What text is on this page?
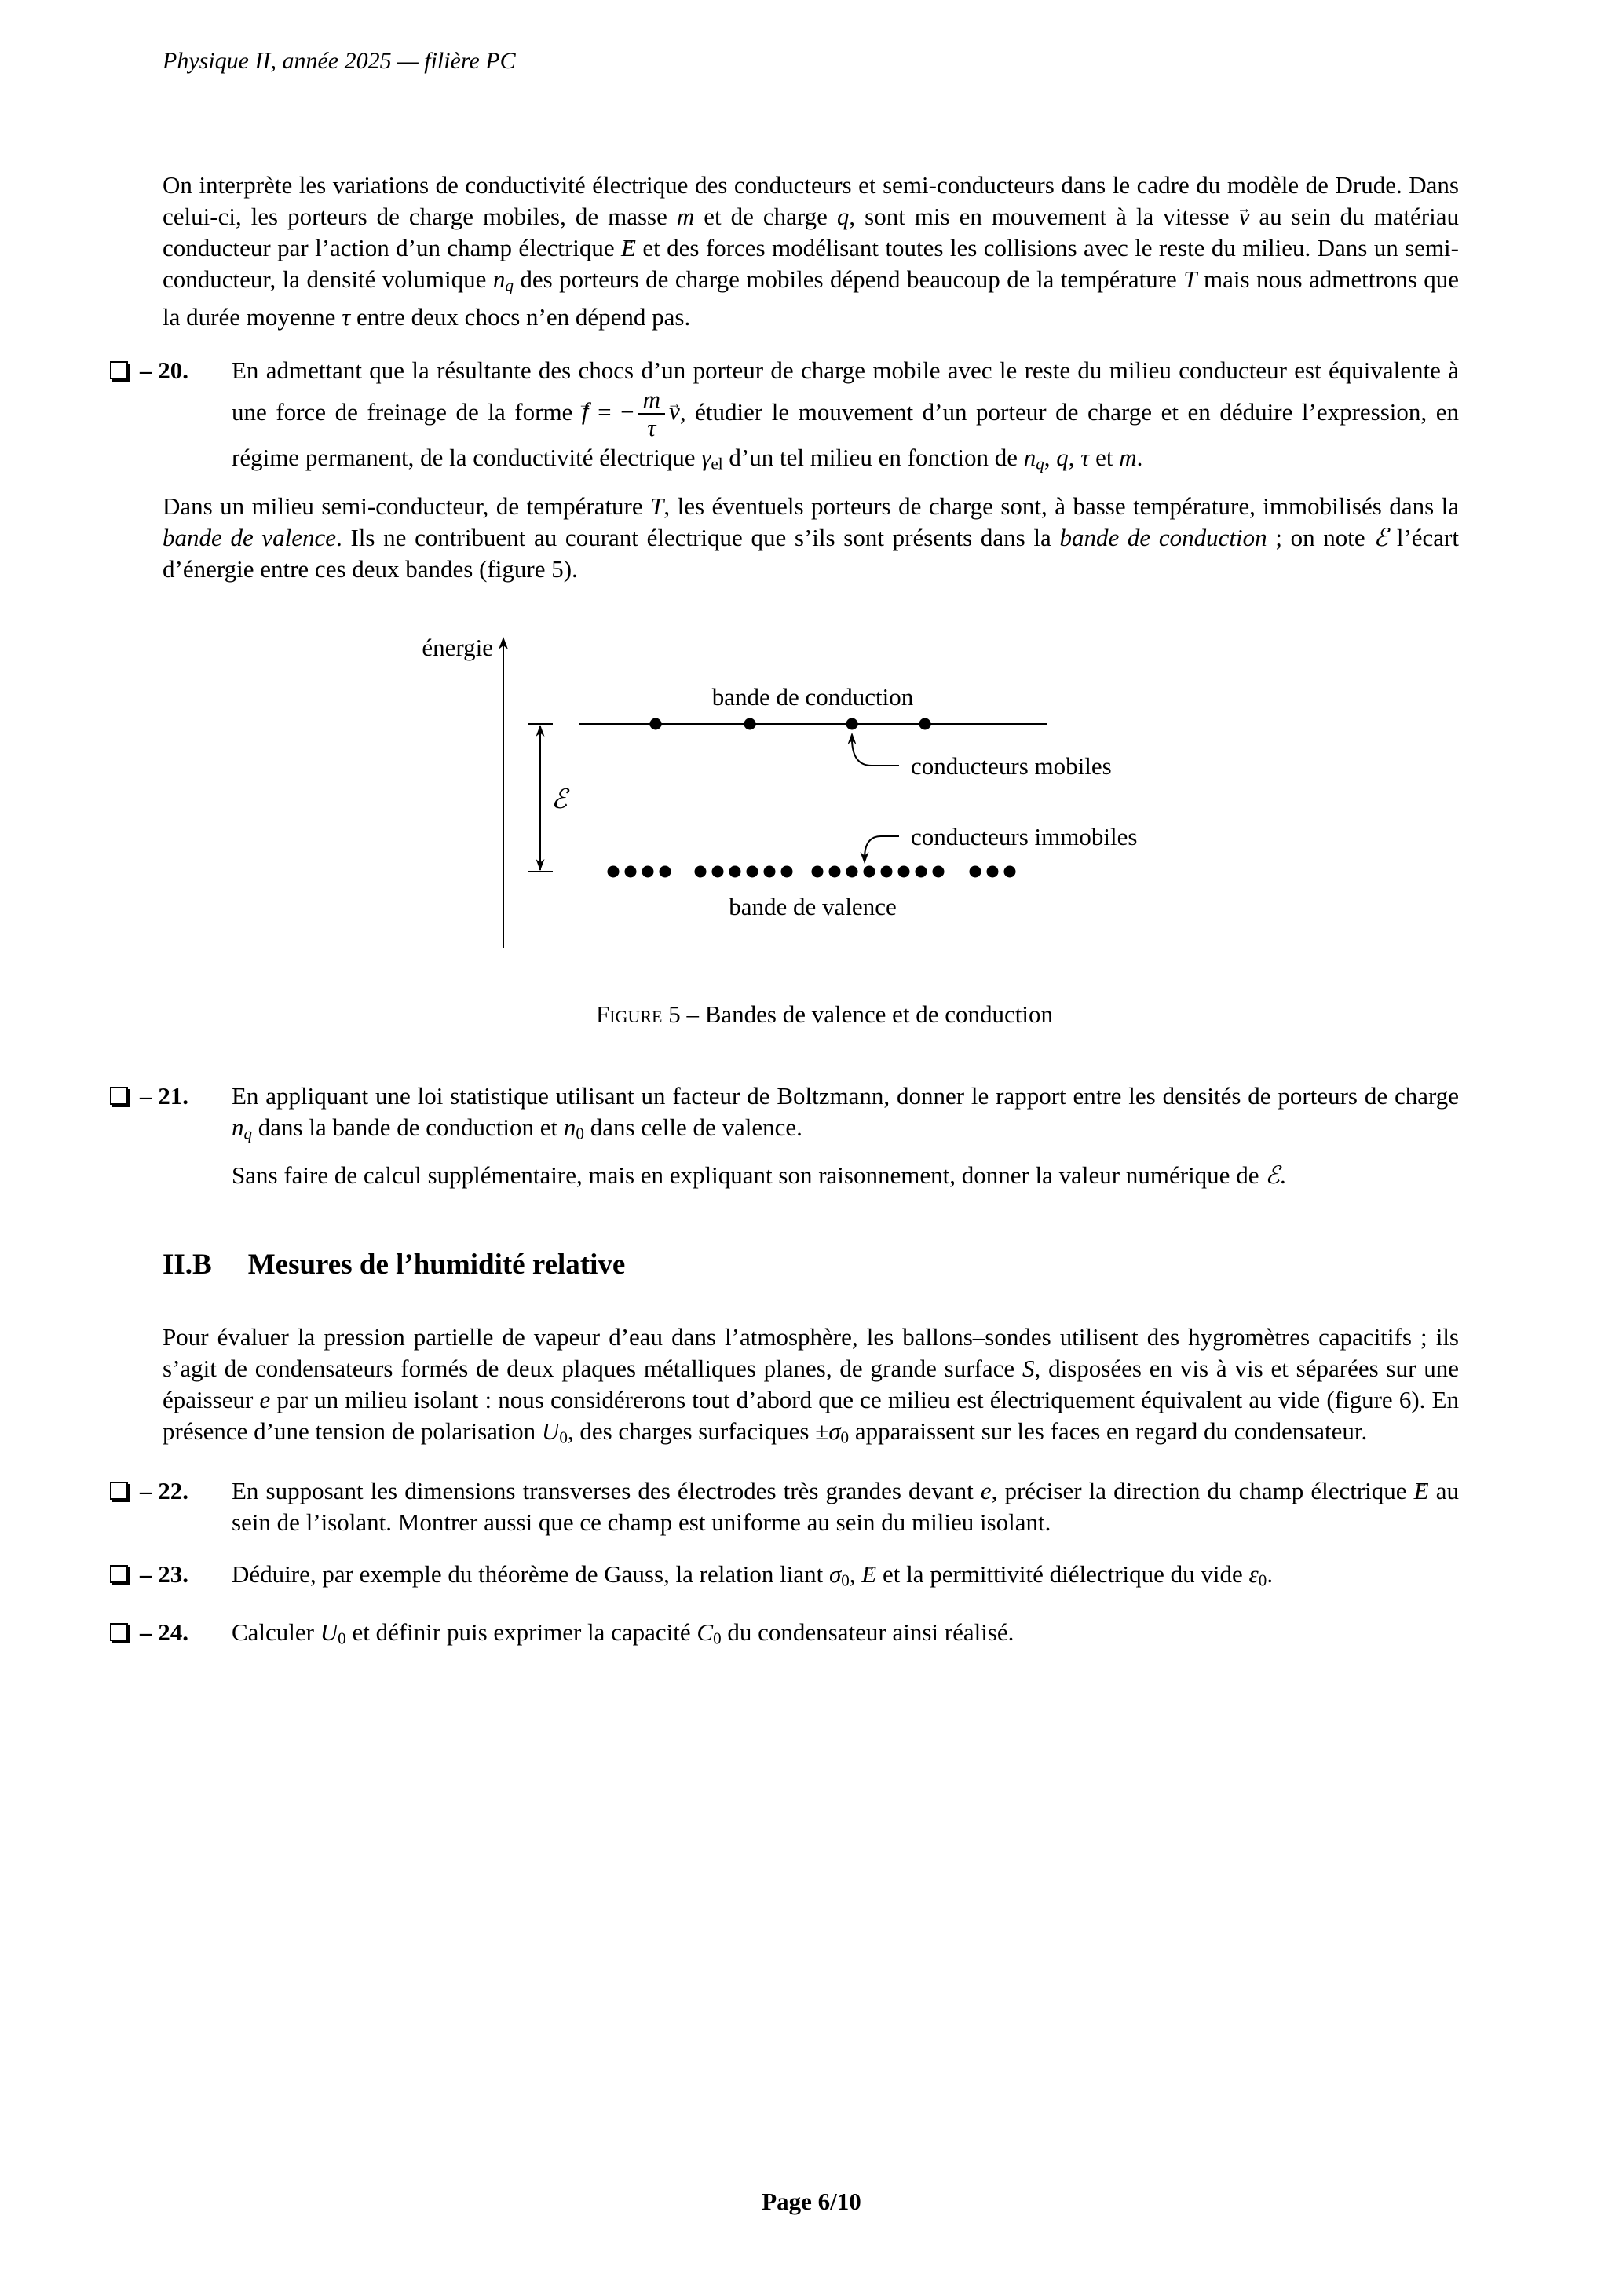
Physique II, année 2025 — filière PC

On interprète les variations de conductivité électrique des conducteurs et semi-conducteurs dans le cadre du modèle de Drude. Dans celui-ci, les porteurs de charge mobiles, de masse m et de charge q, sont mis en mouvement à la vitesse v → au sein du matériau conducteur par l’action d’un champ électrique E → et des forces modélisant toutes les collisions avec le reste du milieu. Dans un semi-conducteur, la densité volumique $n_q$ des porteurs de charge mobiles dépend beaucoup de la température T mais nous admettrons que la durée moyenne τ entre deux chocs n’en dépend pas.

– 20. En admettant que la résultante des chocs d’un porteur de charge mobile avec le reste du milieu conducteur est équivalente à une force de freinage de la forme f → = − $\frac{m}{\tau}$ v →, étudier le mouvement d’un porteur de charge et en déduire l’expression, en régime permanent, de la conductivité électrique $\gamma_{el}$ d’un tel milieu en fonction de $n_q$, q, τ et m.

Dans un milieu semi-conducteur, de température T, les éventuels porteurs de charge sont, à basse température, immobilisés dans la bande de valence. Ils ne contribuent au courant électrique que s’ils sont présents dans la bande de conduction ; on note ℰ l’écart d’énergie entre ces deux bandes (figure 5).

énergie
bande de conduction
ℰ
conducteurs mobiles
conducteurs immobiles
bande de valence
Figure 5 – Bandes de valence et de conduction
– 21. En appliquant une loi statistique utilisant un facteur de Boltzmann, donner le rapport entre les densités de porteurs de charge $n_q$ dans la bande de conduction et $n_0$ dans celle de valence.

Sans faire de calcul supplémentaire, mais en expliquant son raisonnement, donner la valeur numérique de ℰ.

II.B Mesures de l’humidité relative

Pour évaluer la pression partielle de vapeur d’eau dans l’atmosphère, les ballons–sondes utilisent des hygromètres capacitifs ; ils s’agit de condensateurs formés de deux plaques métalliques planes, de grande surface S, disposées en vis à vis et séparées sur une épaisseur e par un milieu isolant : nous considérerons tout d’abord que ce milieu est électriquement équivalent au vide (figure 6). En présence d’une tension de polarisation $U_0$, des charges surfaciques $\pm\sigma_0$ apparaissent sur les faces en regard du condensateur.

– 22. En supposant les dimensions transverses des électrodes très grandes devant e, préciser la direction du champ électrique E → au sein de l’isolant. Montrer aussi que ce champ est uniforme au sein du milieu isolant.

– 23. Déduire, par exemple du théorème de Gauss, la relation liant $\sigma_0$, E → et la permittivité diélectrique du vide $\varepsilon_0$.

– 24. Calculer $U_0$ et définir puis exprimer la capacité $C_0$ du condensateur ainsi réalisé.

Page 6/10
